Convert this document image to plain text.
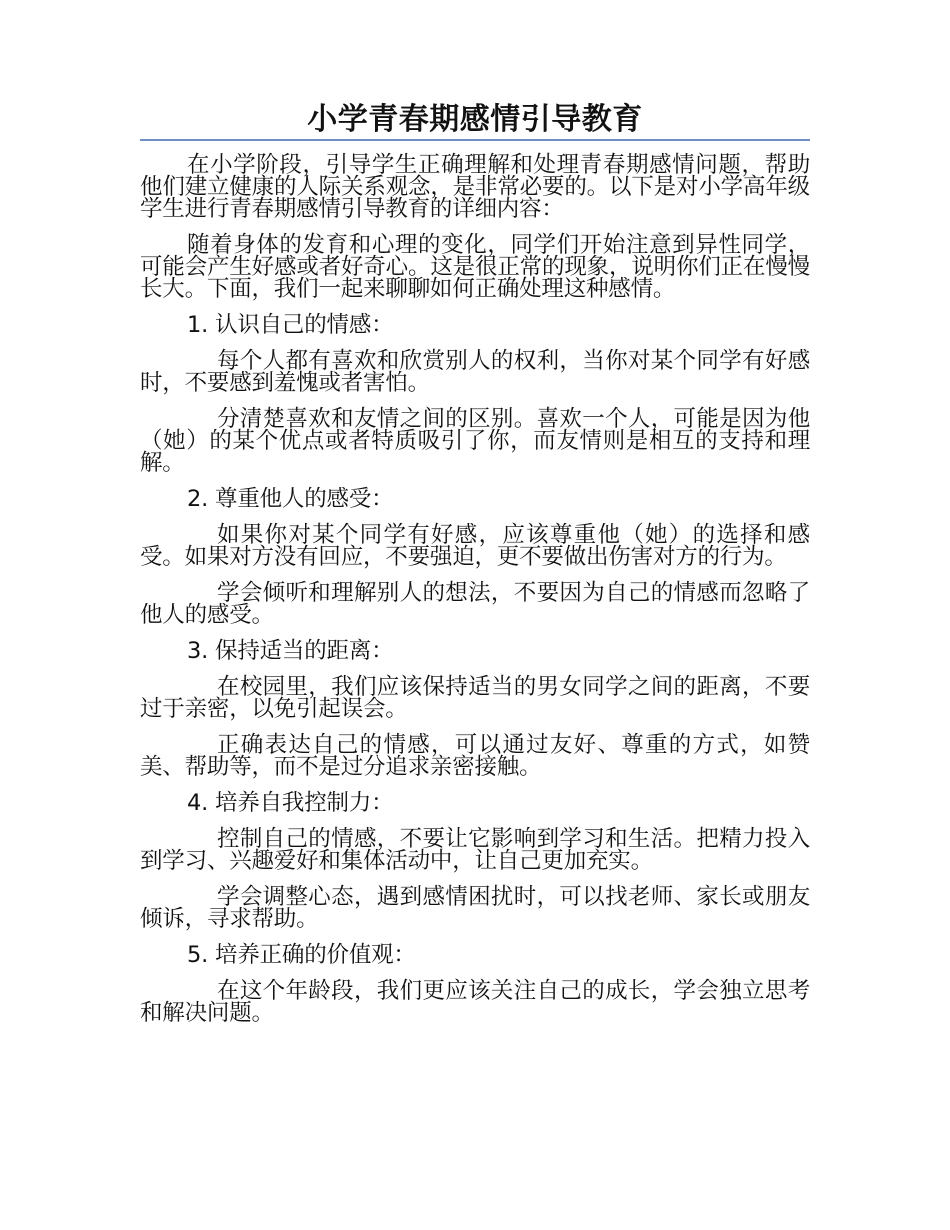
小学青春期感情引导教育

在小学阶段，引导学生正确理解和处理青春期感情问题，帮助他们建立健康的人际关系观念，是非常必要的。以下是对小学高年级学生进行青春期感情引导教育的详细内容：

随着身体的发育和心理的变化，同学们开始注意到异性同学，可能会产生好感或者好奇心。这是很正常的现象，说明你们正在慢慢长大。下面，我们一起来聊聊如何正确处理这种感情。

1. 认识自己的情感：

每个人都有喜欢和欣赏别人的权利，当你对某个同学有好感时，不要感到羞愧或者害怕。

分清楚喜欢和友情之间的区别。喜欢一个人，可能是因为他（她）的某个优点或者特质吸引了你，而友情则是相互的支持和理解。

2. 尊重他人的感受：

如果你对某个同学有好感，应该尊重他（她）的选择和感受。如果对方没有回应，不要强迫，更不要做出伤害对方的行为。

学会倾听和理解别人的想法，不要因为自己的情感而忽略了他人的感受。

3. 保持适当的距离：

在校园里，我们应该保持适当的男女同学之间的距离，不要过于亲密，以免引起误会。

正确表达自己的情感，可以通过友好、尊重的方式，如赞美、帮助等，而不是过分追求亲密接触。

4. 培养自我控制力：

控制自己的情感，不要让它影响到学习和生活。把精力投入到学习、兴趣爱好和集体活动中，让自己更加充实。

学会调整心态，遇到感情困扰时，可以找老师、家长或朋友倾诉，寻求帮助。

5. 培养正确的价值观：

在这个年龄段，我们更应该关注自己的成长，学会独立思考和解决问题。
